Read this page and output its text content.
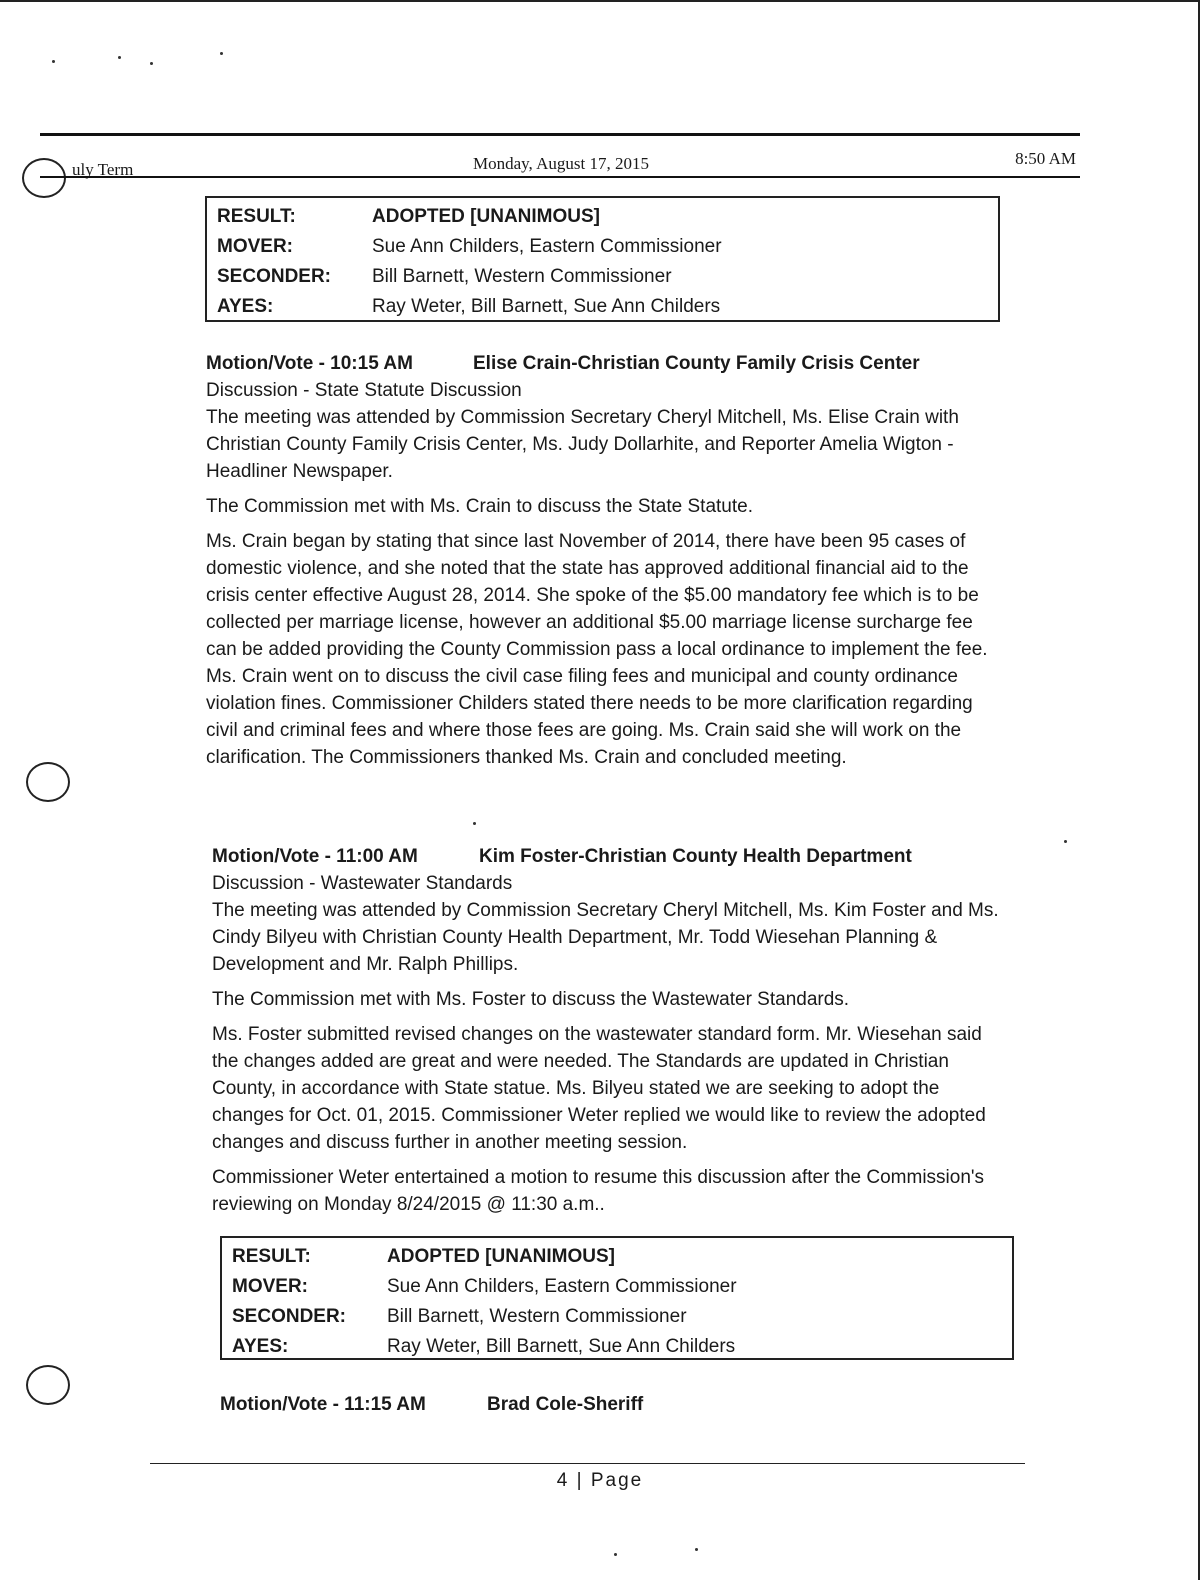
uly Term	Monday, August 17, 2015	8:50 AM
RESULT:	ADOPTED [UNANIMOUS]
MOVER:	Sue Ann Childers, Eastern Commissioner
SECONDER:	Bill Barnett, Western Commissioner
AYES:	Ray Weter, Bill Barnett, Sue Ann Childers
Motion/Vote - 10:15 AM	Elise Crain-Christian County Family Crisis Center
Discussion - State Statute Discussion

The meeting was attended by Commission Secretary Cheryl Mitchell, Ms. Elise Crain with Christian County Family Crisis Center, Ms. Judy Dollarhite, and Reporter Amelia Wigton - Headliner Newspaper.

The Commission met with Ms. Crain to discuss the State Statute.

Ms. Crain began by stating that since last November of 2014, there have been 95 cases of domestic violence, and she noted that the state has approved additional financial aid to the crisis center effective August 28, 2014. She spoke of the $5.00 mandatory fee which is to be collected per marriage license, however an additional $5.00 marriage license surcharge fee can be added providing the County Commission pass a local ordinance to implement the fee. Ms. Crain went on to discuss the civil case filing fees and municipal and county ordinance violation fines. Commissioner Childers stated there needs to be more clarification regarding civil and criminal fees and where those fees are going. Ms. Crain said she will work on the clarification. The Commissioners thanked Ms. Crain and concluded meeting.

Motion/Vote - 11:00 AM	Kim Foster-Christian County Health Department
Discussion - Wastewater Standards

The meeting was attended by Commission Secretary Cheryl Mitchell, Ms. Kim Foster and Ms. Cindy Bilyeu with Christian County Health Department, Mr. Todd Wiesehan Planning & Development and Mr. Ralph Phillips.

The Commission met with Ms. Foster to discuss the Wastewater Standards.

Ms. Foster submitted revised changes on the wastewater standard form. Mr. Wiesehan said the changes added are great and were needed. The Standards are updated in Christian County, in accordance with State statue. Ms. Bilyeu stated we are seeking to adopt the changes for Oct. 01, 2015. Commissioner Weter replied we would like to review the adopted changes and discuss further in another meeting session.

Commissioner Weter entertained a motion to resume this discussion after the Commission's reviewing on Monday 8/24/2015 @ 11:30 a.m..

RESULT:	ADOPTED [UNANIMOUS]
MOVER:	Sue Ann Childers, Eastern Commissioner
SECONDER:	Bill Barnett, Western Commissioner
AYES:	Ray Weter, Bill Barnett, Sue Ann Childers
Motion/Vote - 11:15 AM	Brad Cole-Sheriff
4 | Page
